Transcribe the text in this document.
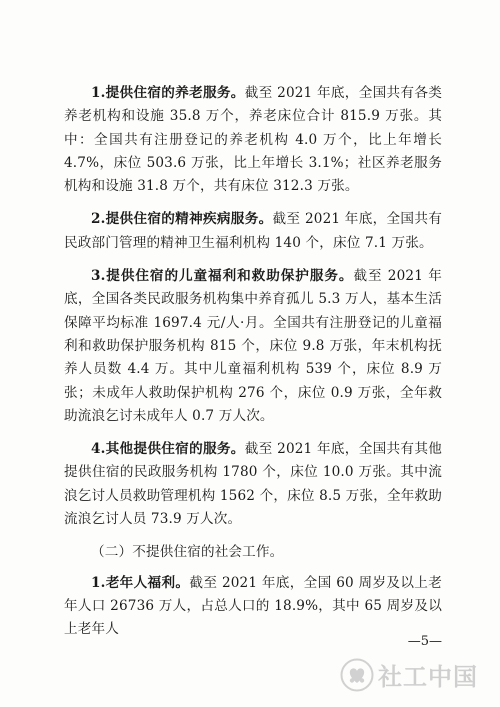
1.提供住宿的养老服务。截至 2021 年底，全国共有各类养老机构和设施 35.8 万个，养老床位合计 815.9 万张。其中：全国共有注册登记的养老机构 4.0 万个，比上年增长 4.7%，床位 503.6 万张，比上年增长 3.1%；社区养老服务机构和设施 31.8 万个，共有床位 312.3 万张。

2.提供住宿的精神疾病服务。截至 2021 年底，全国共有民政部门管理的精神卫生福利机构 140 个，床位 7.1 万张。

3.提供住宿的儿童福利和救助保护服务。截至 2021 年底，全国各类民政服务机构集中养育孤儿 5.3 万人，基本生活保障平均标准 1697.4 元/人·月。全国共有注册登记的儿童福利和救助保护服务机构 815 个，床位 9.8 万张，年末机构抚养人员数 4.4 万。其中儿童福利机构 539 个，床位 8.9 万张；未成年人救助保护机构 276 个，床位 0.9 万张，全年救助流浪乞讨未成年人 0.7 万人次。

4.其他提供住宿的服务。截至 2021 年底，全国共有其他提供住宿的民政服务机构 1780 个，床位 10.0 万张。其中流浪乞讨人员救助管理机构 1562 个，床位 8.5 万张，全年救助流浪乞讨人员 73.9 万人次。

（二）不提供住宿的社会工作。

1.老年人福利。截至 2021 年底，全国 60 周岁及以上老年人口 26736 万人，占总人口的 18.9%，其中 65 周岁及以上老年人

—5—
社工中国
